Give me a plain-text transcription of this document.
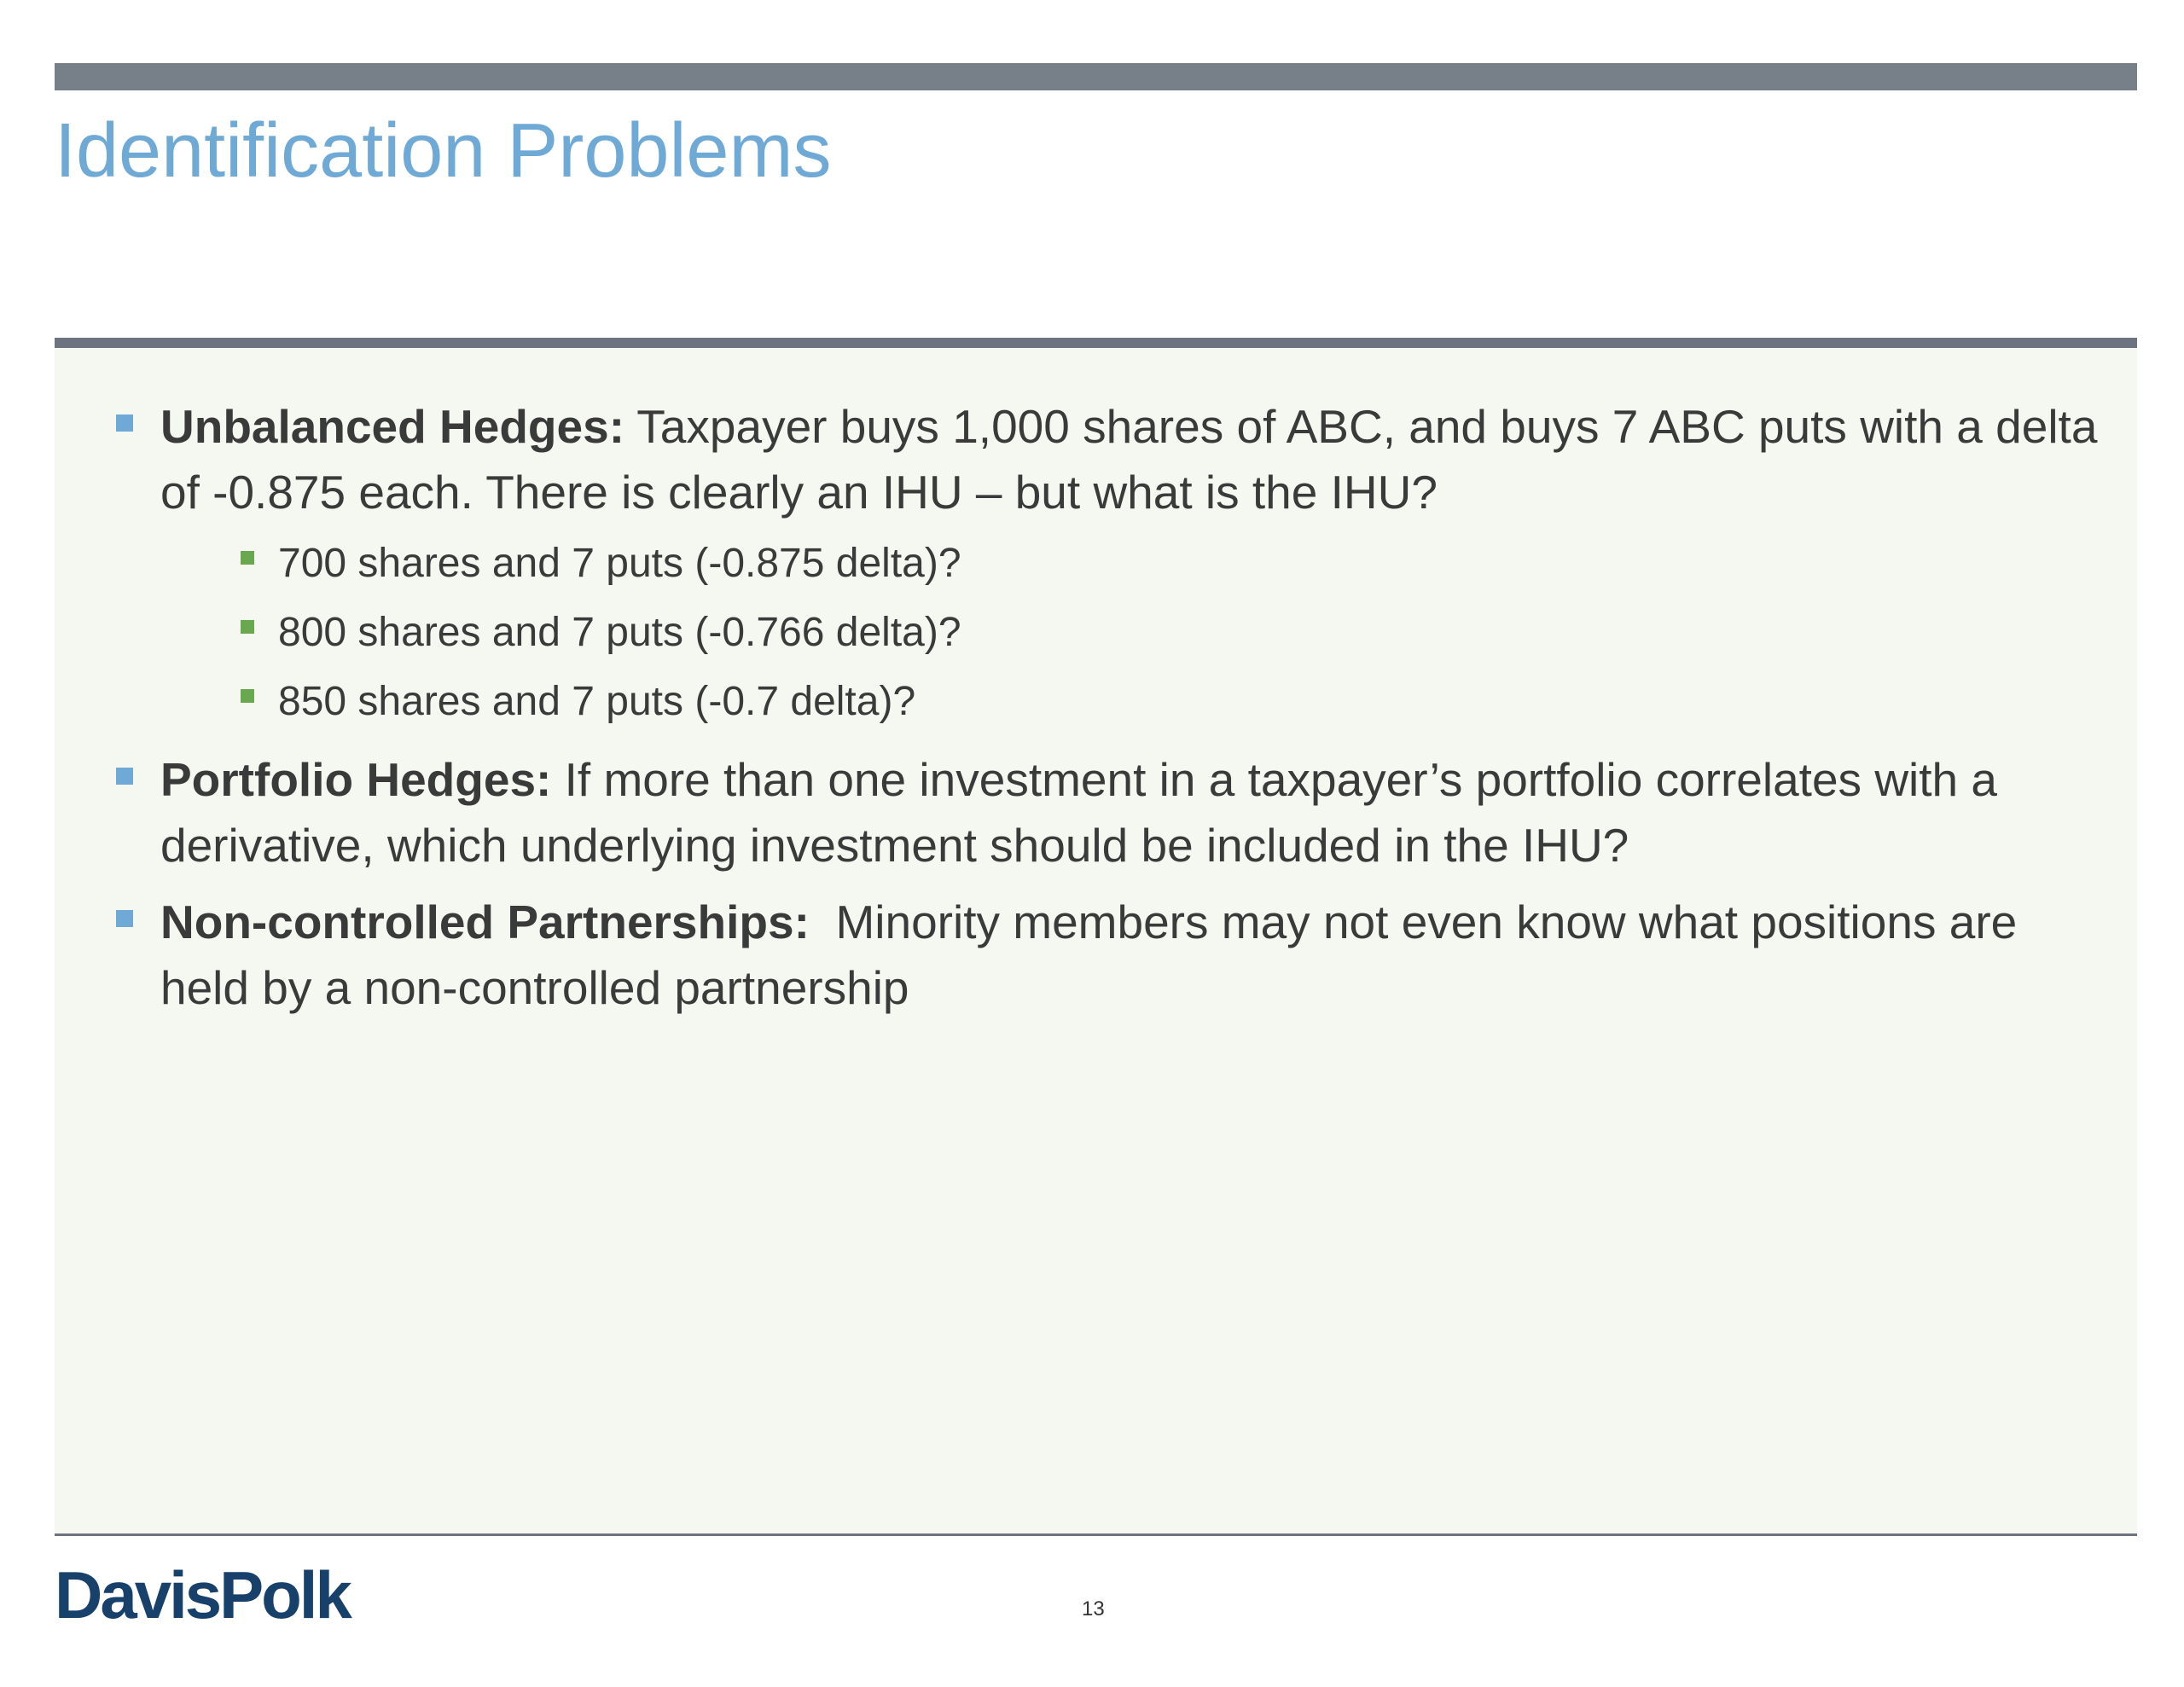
Identification Problems
Unbalanced Hedges: Taxpayer buys 1,000 shares of ABC, and buys 7 ABC puts with a delta of -0.875 each. There is clearly an IHU – but what is the IHU?
700 shares and 7 puts (-0.875 delta)?
800 shares and 7 puts (-0.766 delta)?
850 shares and 7 puts (-0.7 delta)?
Portfolio Hedges: If more than one investment in a taxpayer’s portfolio correlates with a derivative, which underlying investment should be included in the IHU?
Non-controlled Partnerships:  Minority members may not even know what positions are held by a non-controlled partnership
DavisPolk	13
